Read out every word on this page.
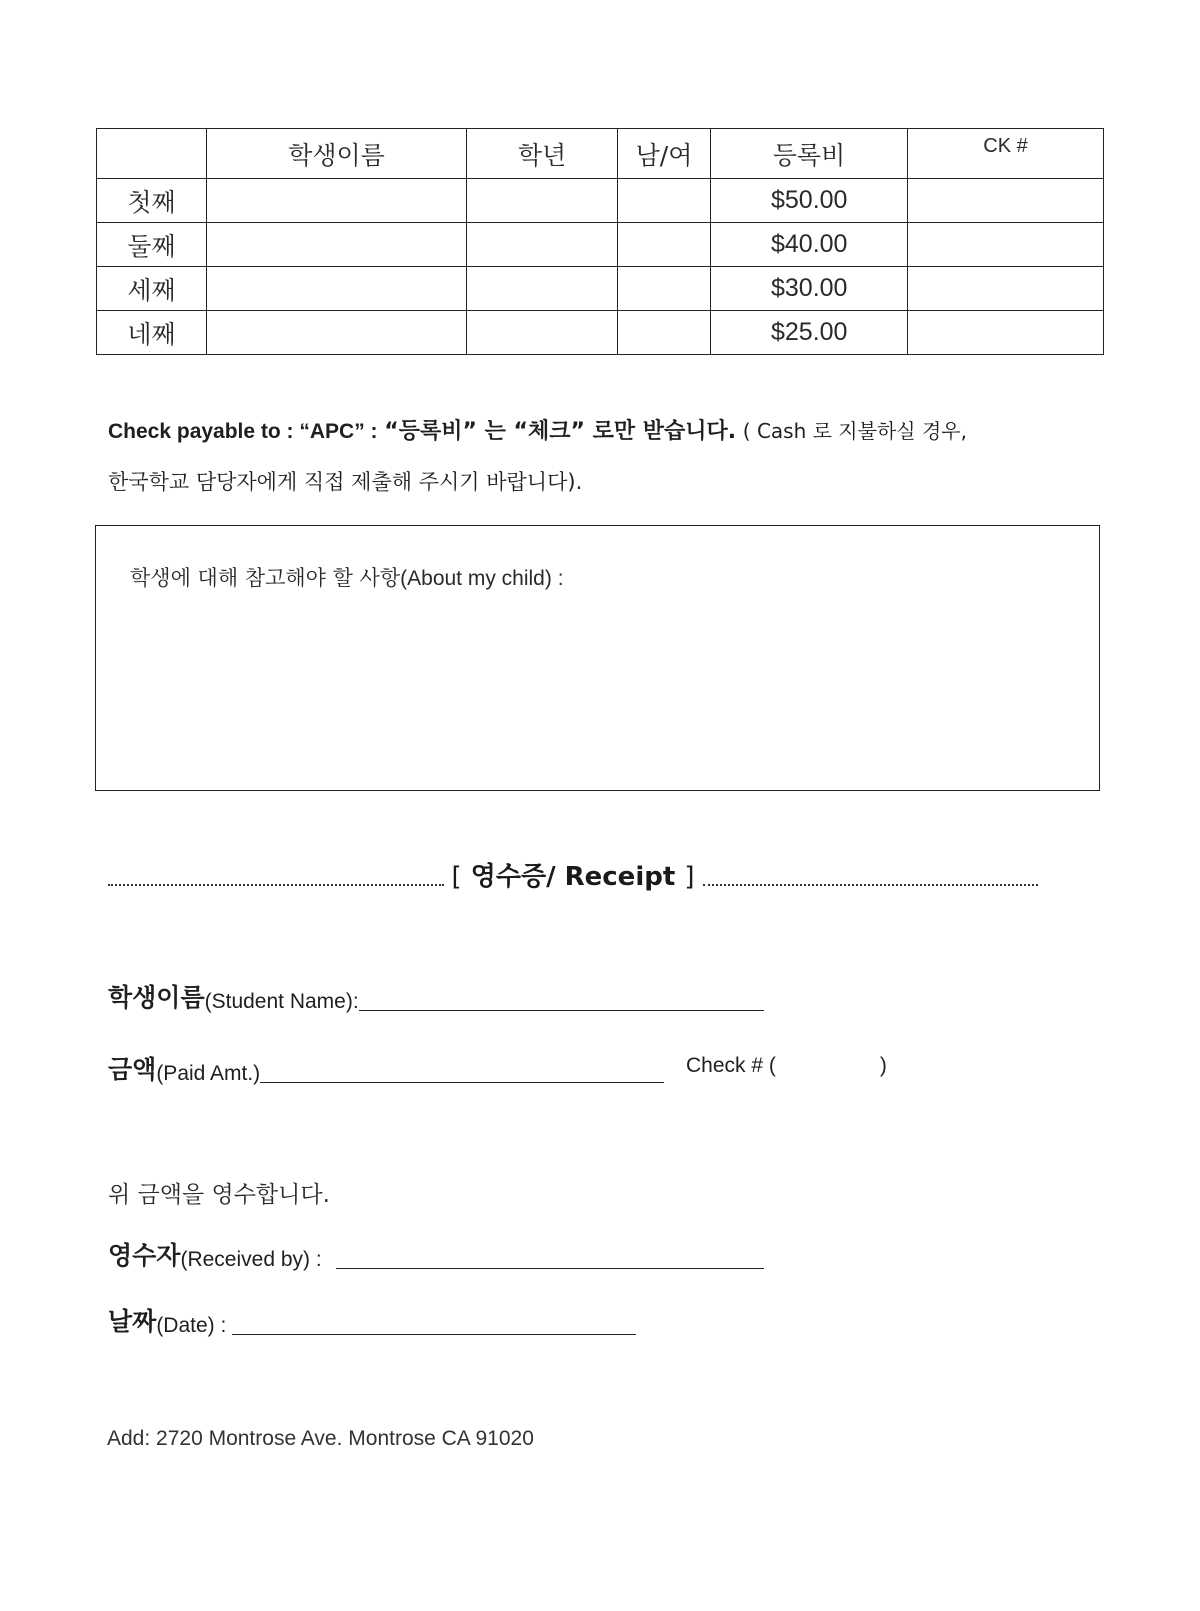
	학생이름	학년	남/여	등록비	CK #
첫째				$50.00	
둘째				$40.00	
세째				$30.00	
네째				$25.00	
Check payable to : “APC” : “등록비” 는 “체크” 로만 받습니다. ( Cash 로 지불하실 경우,
한국학교 담당자에게 직접 제출해 주시기 바랍니다).
학생에 대해 참고해야 할 사항(About my child) :
[ 영수증/ Receipt ]
학생이름 (Student Name):
금액 (Paid Amt.)	Check # (	)
위 금액을 영수합니다.
영수자 (Received by) :
날짜 (Date) :
Add: 2720 Montrose Ave. Montrose CA 91020
